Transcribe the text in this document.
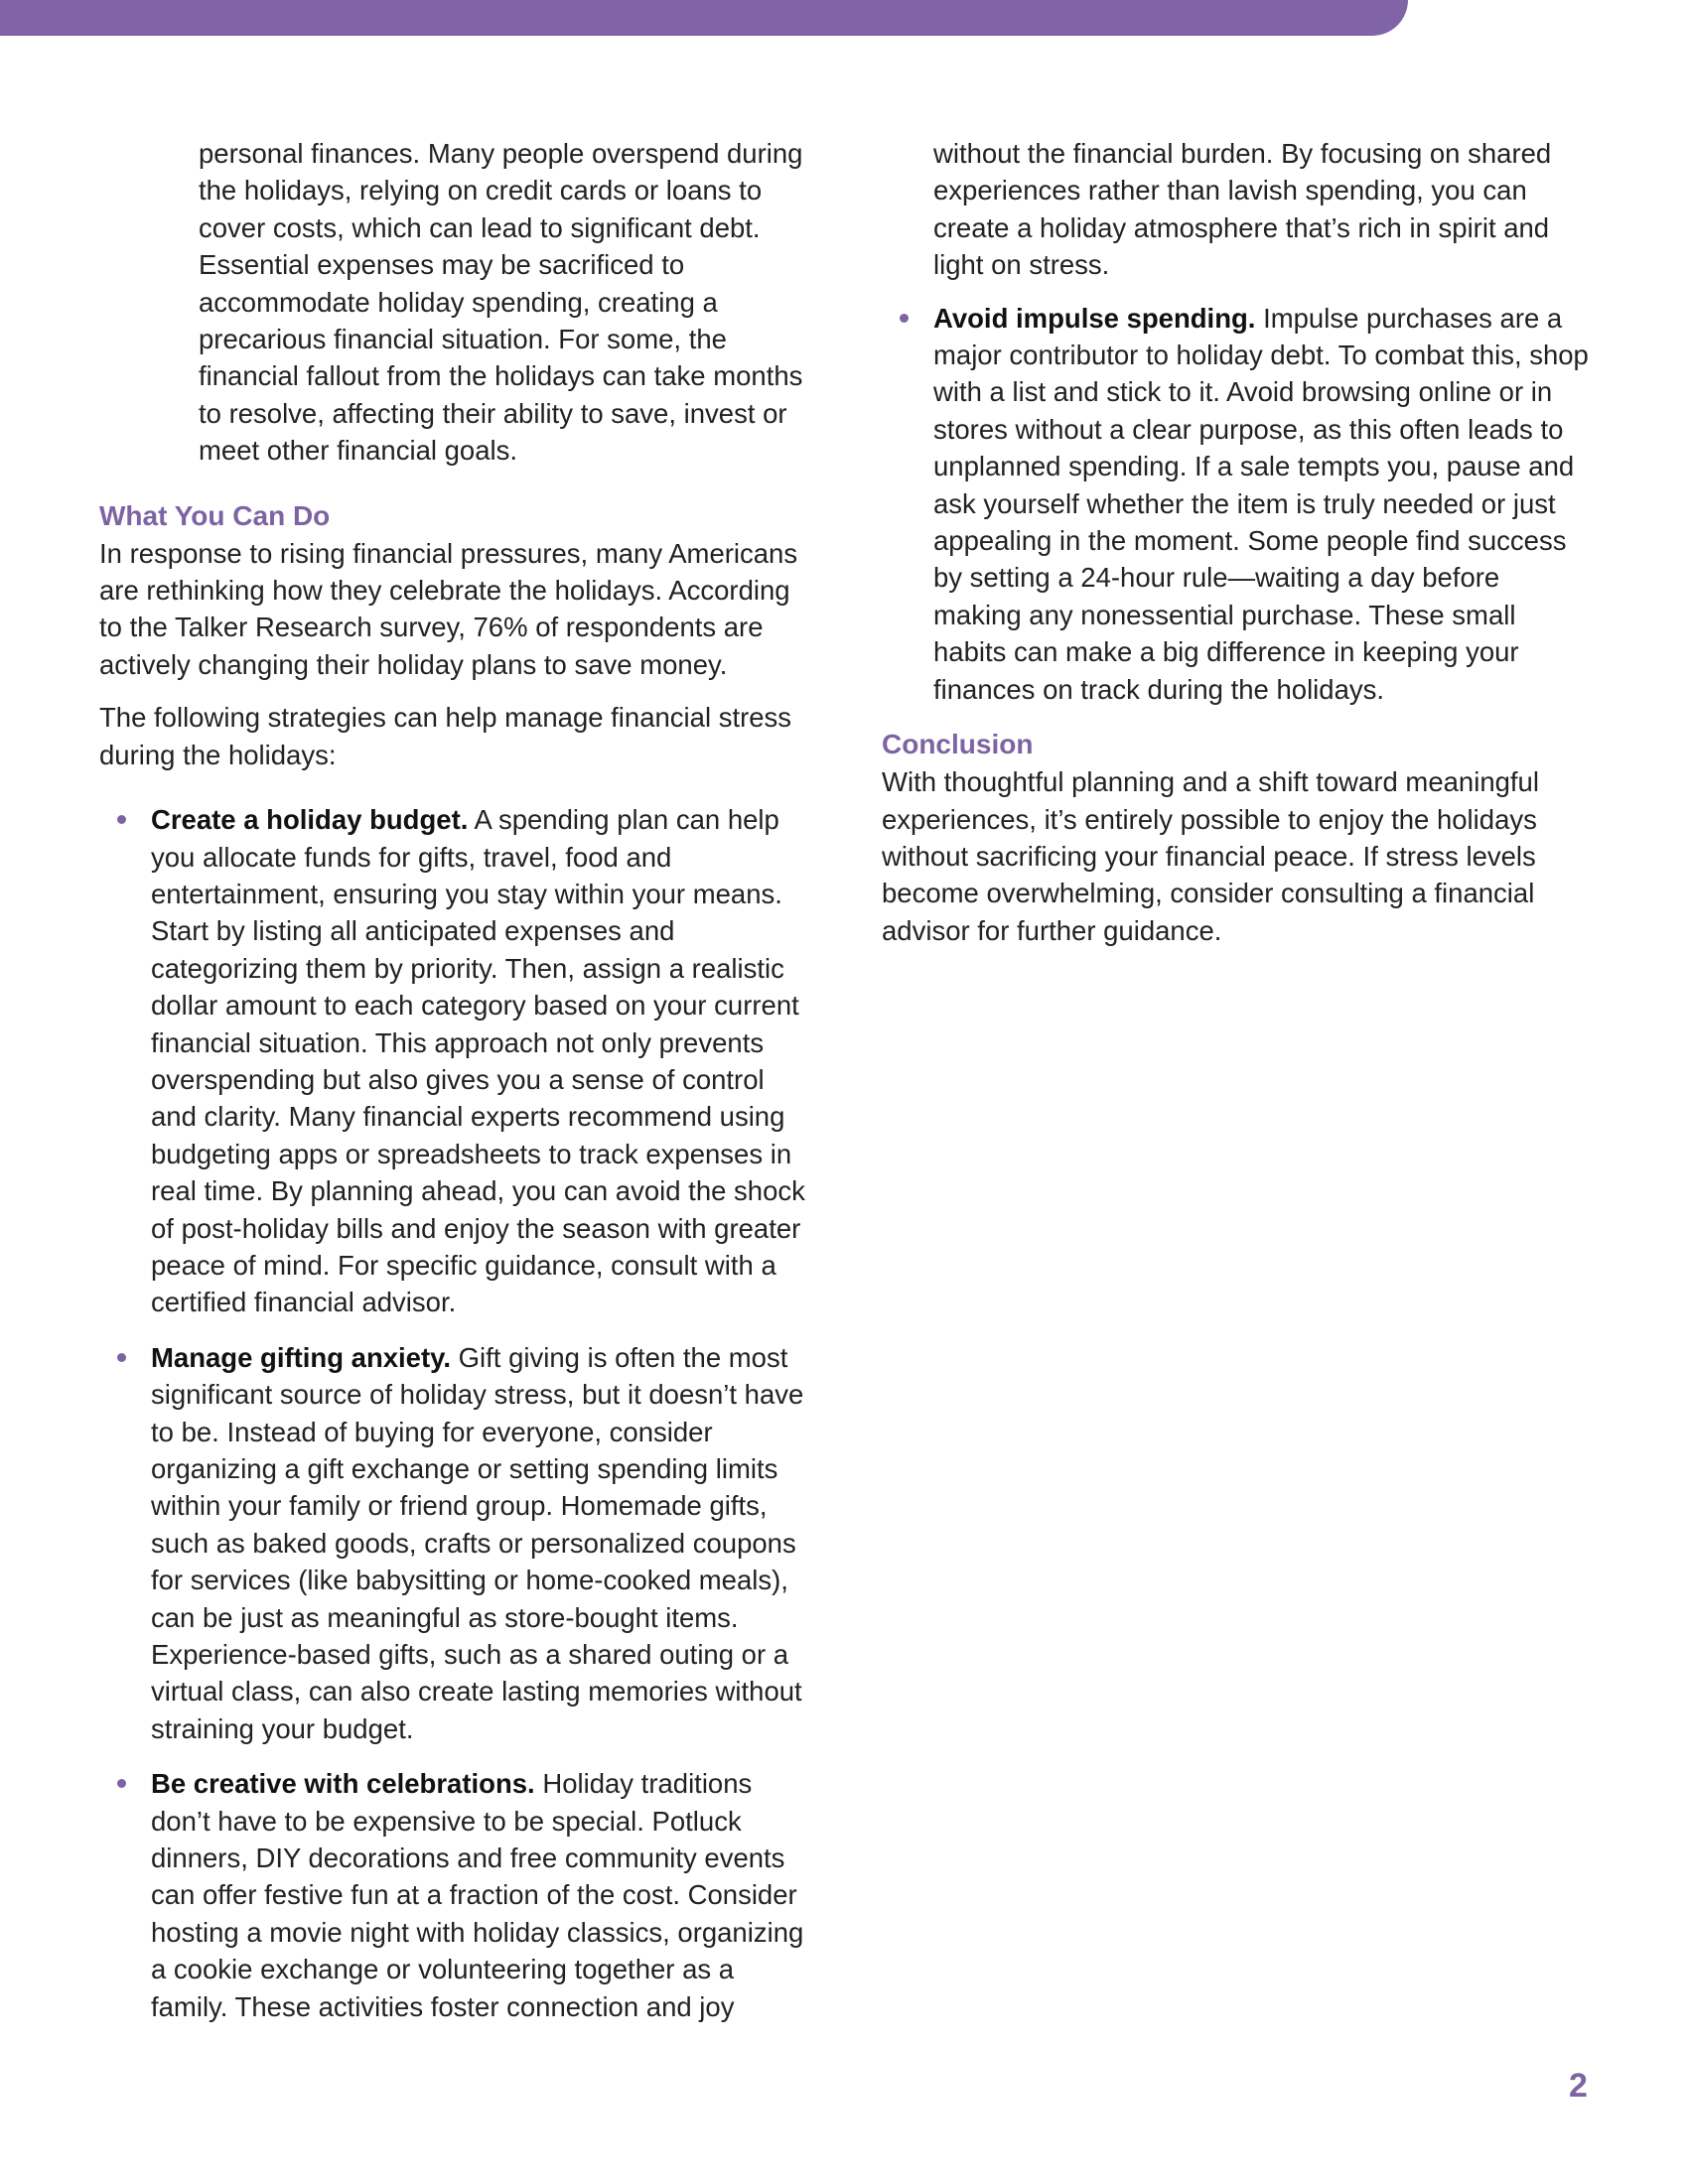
personal finances. Many people overspend during the holidays, relying on credit cards or loans to cover costs, which can lead to significant debt. Essential expenses may be sacrificed to accommodate holiday spending, creating a precarious financial situation. For some, the financial fallout from the holidays can take months to resolve, affecting their ability to save, invest or meet other financial goals.

What You Can Do

In response to rising financial pressures, many Americans are rethinking how they celebrate the holidays. According to the Talker Research survey, 76% of respondents are actively changing their holiday plans to save money.

The following strategies can help manage financial stress during the holidays:

Create a holiday budget. A spending plan can help you allocate funds for gifts, travel, food and entertainment, ensuring you stay within your means. Start by listing all anticipated expenses and categorizing them by priority. Then, assign a realistic dollar amount to each category based on your current financial situation. This approach not only prevents overspending but also gives you a sense of control and clarity. Many financial experts recommend using budgeting apps or spreadsheets to track expenses in real time. By planning ahead, you can avoid the shock of post-holiday bills and enjoy the season with greater peace of mind. For specific guidance, consult with a certified financial advisor.

Manage gifting anxiety. Gift giving is often the most significant source of holiday stress, but it doesn’t have to be. Instead of buying for everyone, consider organizing a gift exchange or setting spending limits within your family or friend group. Homemade gifts, such as baked goods, crafts or personalized coupons for services (like babysitting or home-cooked meals), can be just as meaningful as store-bought items. Experience-based gifts, such as a shared outing or a virtual class, can also create lasting memories without straining your budget.

Be creative with celebrations. Holiday traditions don’t have to be expensive to be special. Potluck dinners, DIY decorations and free community events can offer festive fun at a fraction of the cost. Consider hosting a movie night with holiday classics, organizing a cookie exchange or volunteering together as a family. These activities foster connection and joy

without the financial burden. By focusing on shared experiences rather than lavish spending, you can create a holiday atmosphere that’s rich in spirit and light on stress.

Avoid impulse spending. Impulse purchases are a major contributor to holiday debt. To combat this, shop with a list and stick to it. Avoid browsing online or in stores without a clear purpose, as this often leads to unplanned spending. If a sale tempts you, pause and ask yourself whether the item is truly needed or just appealing in the moment. Some people find success by setting a 24-hour rule—waiting a day before making any nonessential purchase. These small habits can make a big difference in keeping your finances on track during the holidays.

Conclusion

With thoughtful planning and a shift toward meaningful experiences, it’s entirely possible to enjoy the holidays without sacrificing your financial peace. If stress levels become overwhelming, consider consulting a financial advisor for further guidance.

2
